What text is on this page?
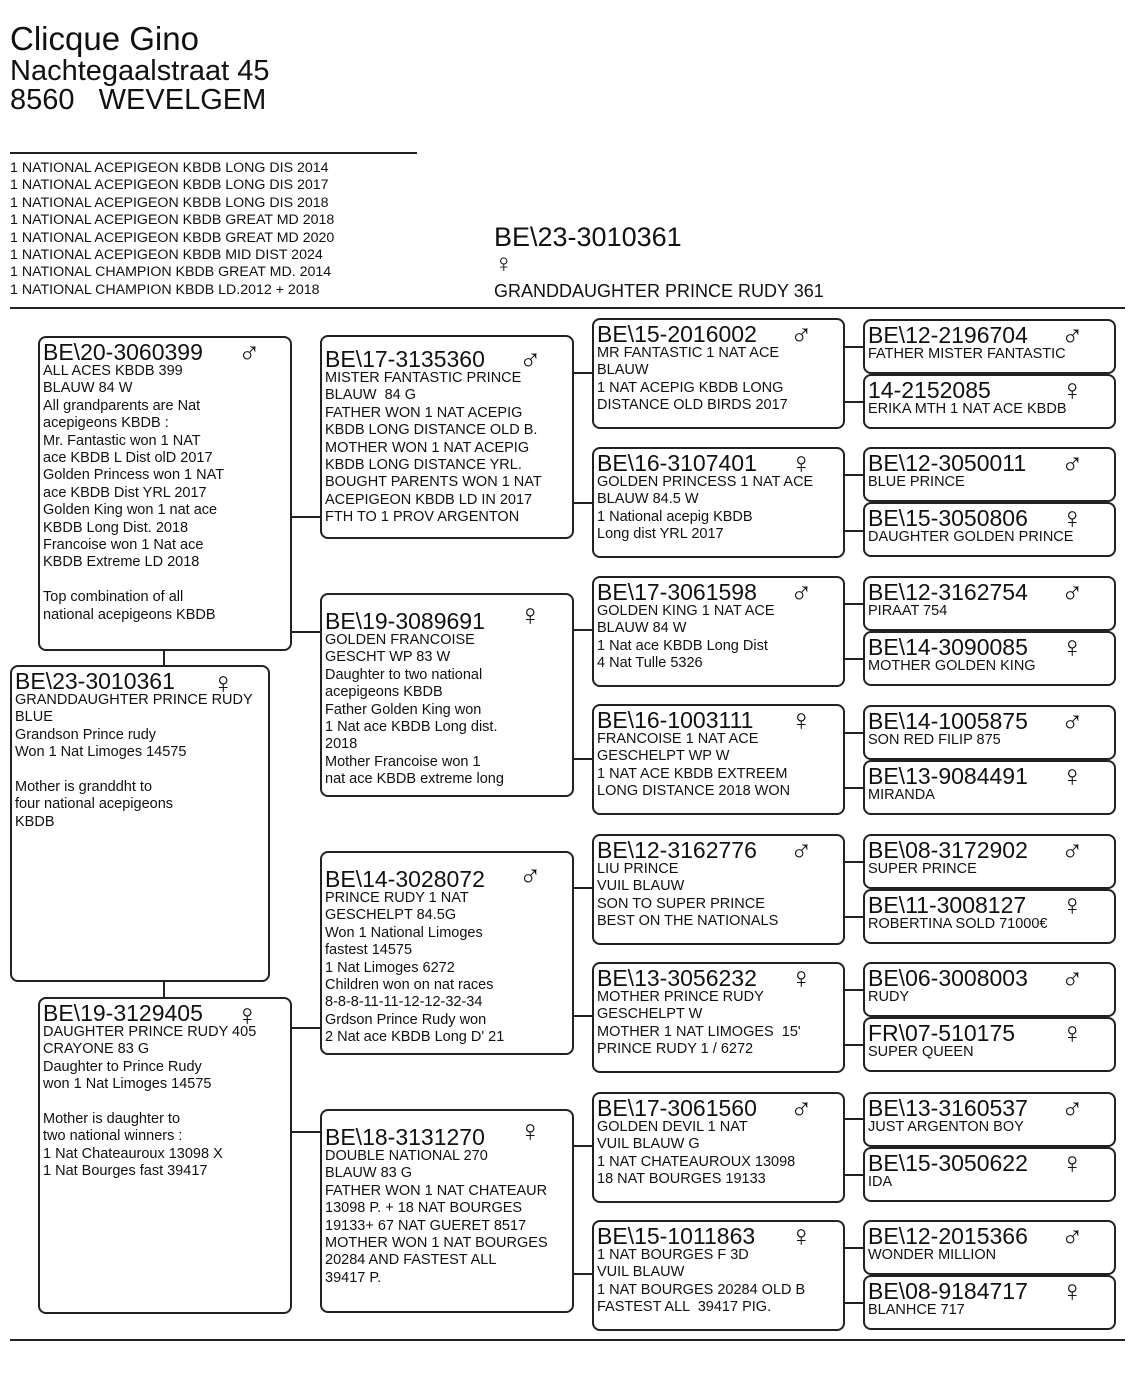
Clicque Gino
Nachtegaalstraat 45
8560   WEVELGEM
1 NATIONAL ACEPIGEON KBDB LONG DIS 2014
1 NATIONAL ACEPIGEON KBDB LONG DIS 2017
1 NATIONAL ACEPIGEON KBDB LONG DIS 2018
1 NATIONAL ACEPIGEON KBDB GREAT MD 2018
1 NATIONAL ACEPIGEON KBDB GREAT MD 2020
1 NATIONAL ACEPIGEON KBDB MID DIST 2024
1 NATIONAL CHAMPION KBDB GREAT MD. 2014
1 NATIONAL CHAMPION KBDB LD.2012 + 2018
BE\23-3010361
♀
GRANDDAUGHTER PRINCE RUDY 361
BE\20-3060399	♂
ALL ACES KBDB 399
BLAUW 84 W
All grandparents are Nat
acepigeons KBDB :
Mr. Fantastic won 1 NAT
ace KBDB L Dist olD 2017
Golden Princess won 1 NAT
ace KBDB Dist YRL 2017
Golden King won 1 nat ace
KBDB Long Dist. 2018
Francoise won 1 Nat ace
KBDB Extreme LD 2018

Top combination of all
national acepigeons KBDB
BE\23-3010361	♀
GRANDDAUGHTER PRINCE RUDY
BLUE
Grandson Prince rudy
Won 1 Nat Limoges 14575

Mother is granddht to
four national acepigeons
KBDB
BE\19-3129405	♀
DAUGHTER PRINCE RUDY 405
CRAYONE 83 G
Daughter to Prince Rudy
won 1 Nat Limoges 14575

Mother is daughter to
two national winners :
1 Nat Chateauroux 13098 X
1 Nat Bourges fast 39417
BE\17-3135360	♂
MISTER FANTASTIC PRINCE
BLAUW  84 G
FATHER WON 1 NAT ACEPIG
KBDB LONG DISTANCE OLD B.
MOTHER WON 1 NAT ACEPIG
KBDB LONG DISTANCE YRL.
BOUGHT PARENTS WON 1 NAT
ACEPIGEON KBDB LD IN 2017
FTH TO 1 PROV ARGENTON
BE\19-3089691	♀
GOLDEN FRANCOISE
GESCHT WP 83 W
Daughter to two national
acepigeons KBDB
Father Golden King won
1 Nat ace KBDB Long dist.
2018
Mother Francoise won 1
nat ace KBDB extreme long
BE\14-3028072	♂
PRINCE RUDY 1 NAT
GESCHELPT 84.5G
Won 1 National Limoges
fastest 14575
1 Nat Limoges 6272
Children won on nat races
8-8-8-11-11-12-12-32-34
Grdson Prince Rudy won
2 Nat ace KBDB Long D' 21
BE\18-3131270	♀
DOUBLE NATIONAL 270
BLAUW 83 G
FATHER WON 1 NAT CHATEAUR
13098 P. + 18 NAT BOURGES
19133+ 67 NAT GUERET 8517
MOTHER WON 1 NAT BOURGES
20284 AND FASTEST ALL
39417 P.
BE\15-2016002	♂
MR FANTASTIC 1 NAT ACE
BLAUW
1 NAT ACEPIG KBDB LONG
DISTANCE OLD BIRDS 2017
BE\16-3107401	♀
GOLDEN PRINCESS 1 NAT ACE
BLAUW 84.5 W
1 National acepig KBDB
Long dist YRL 2017
BE\17-3061598	♂
GOLDEN KING 1 NAT ACE
BLAUW 84 W
1 Nat ace KBDB Long Dist
4 Nat Tulle 5326
BE\16-1003111	♀
FRANCOISE 1 NAT ACE
GESCHELPT WP W
1 NAT ACE KBDB EXTREEM
LONG DISTANCE 2018 WON
BE\12-3162776	♂
LIU PRINCE
VUIL BLAUW
SON TO SUPER PRINCE
BEST ON THE NATIONALS
BE\13-3056232	♀
MOTHER PRINCE RUDY
GESCHELPT W
MOTHER 1 NAT LIMOGES  15'
PRINCE RUDY 1 / 6272
BE\17-3061560	♂
GOLDEN DEVIL 1 NAT
VUIL BLAUW G
1 NAT CHATEAUROUX 13098
18 NAT BOURGES 19133
BE\15-1011863	♀
1 NAT BOURGES F 3D
VUIL BLAUW
1 NAT BOURGES 20284 OLD B
FASTEST ALL  39417 PIG.
BE\12-2196704	♂
FATHER MISTER FANTASTIC
14-2152085	♀
ERIKA MTH 1 NAT ACE KBDB
BE\12-3050011	♂
BLUE PRINCE
BE\15-3050806	♀
DAUGHTER GOLDEN PRINCE
BE\12-3162754	♂
PIRAAT 754
BE\14-3090085	♀
MOTHER GOLDEN KING
BE\14-1005875	♂
SON RED FILIP 875
BE\13-9084491	♀
MIRANDA
BE\08-3172902	♂
SUPER PRINCE
BE\11-3008127	♀
ROBERTINA SOLD 71000€
BE\06-3008003	♂
RUDY
FR\07-510175	♀
SUPER QUEEN
BE\13-3160537	♂
JUST ARGENTON BOY
BE\15-3050622	♀
IDA
BE\12-2015366	♂
WONDER MILLION
BE\08-9184717	♀
BLANHCE 717
